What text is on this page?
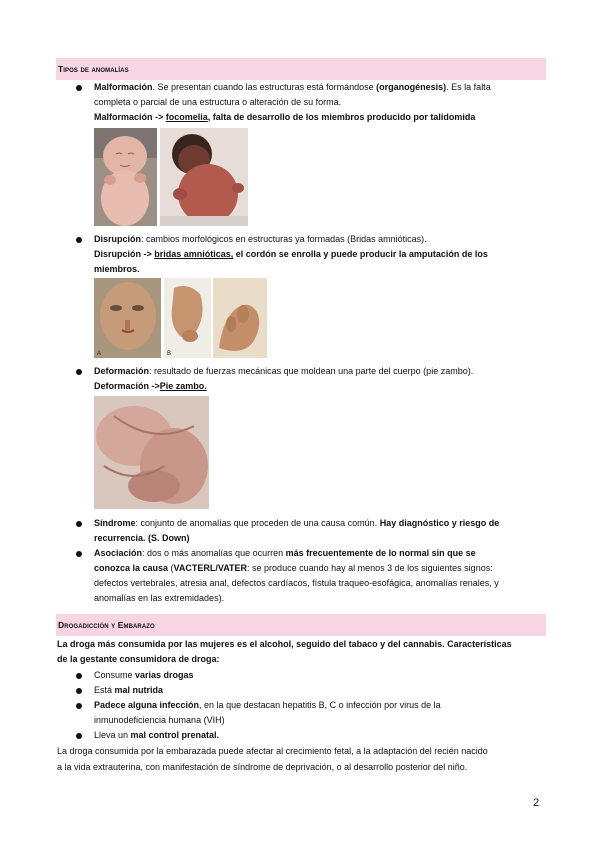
Tipos de anomalías

Malformación. Se presentan cuando las estructuras está formándose (organogénesis). Es la falta

completa o parcial de una estructura o alteración de su forma.

Malformación -> focomelia, falta de desarrollo de los miembros producido por talidomida

Disrupción: cambios morfológicos en estructuras ya formadas (Bridas amnióticas).

Disrupción -> bridas amnióticas, el cordón se enrolla y puede producir la amputación de los

miembros.

A	B

Deformación: resultado de fuerzas mecánicas que moldean una parte del cuerpo (pie zambo).

Deformación ->Pie zambo.

Síndrome: conjunto de anomalías que proceden de una causa común. Hay diagnóstico y riesgo de

recurrencia. (S. Down)

Asociación: dos o más anomalías que ocurren más frecuentemente de lo normal sin que se

conozca la causa (VACTERL/VATER: se produce cuando hay al menos 3 de los siguientes signos:

defectos vertebrales, atresia anal, defectos cardíacos, fístula traqueo-esofágica, anomalías renales, y

anomalías en las extremidades).

Drogadicción y Embarazo

La droga más consumida por las mujeres es el alcohol, seguido del tabaco y del cannabis. Características

de la gestante consumidora de droga:

Consume varias drogas

Está mal nutrida

Padece alguna infección, en la que destacan hepatitis B, C o infección por virus de la

inmunodeficiencia humana (VIH)

Lleva un mal control prenatal.

La droga consumida por la embarazada puede afectar al crecimiento fetal, a la adaptación del recién nacido

a la vida extrauterina, con manifestación de síndrome de deprivación, o al desarrollo posterior del niño.

2
